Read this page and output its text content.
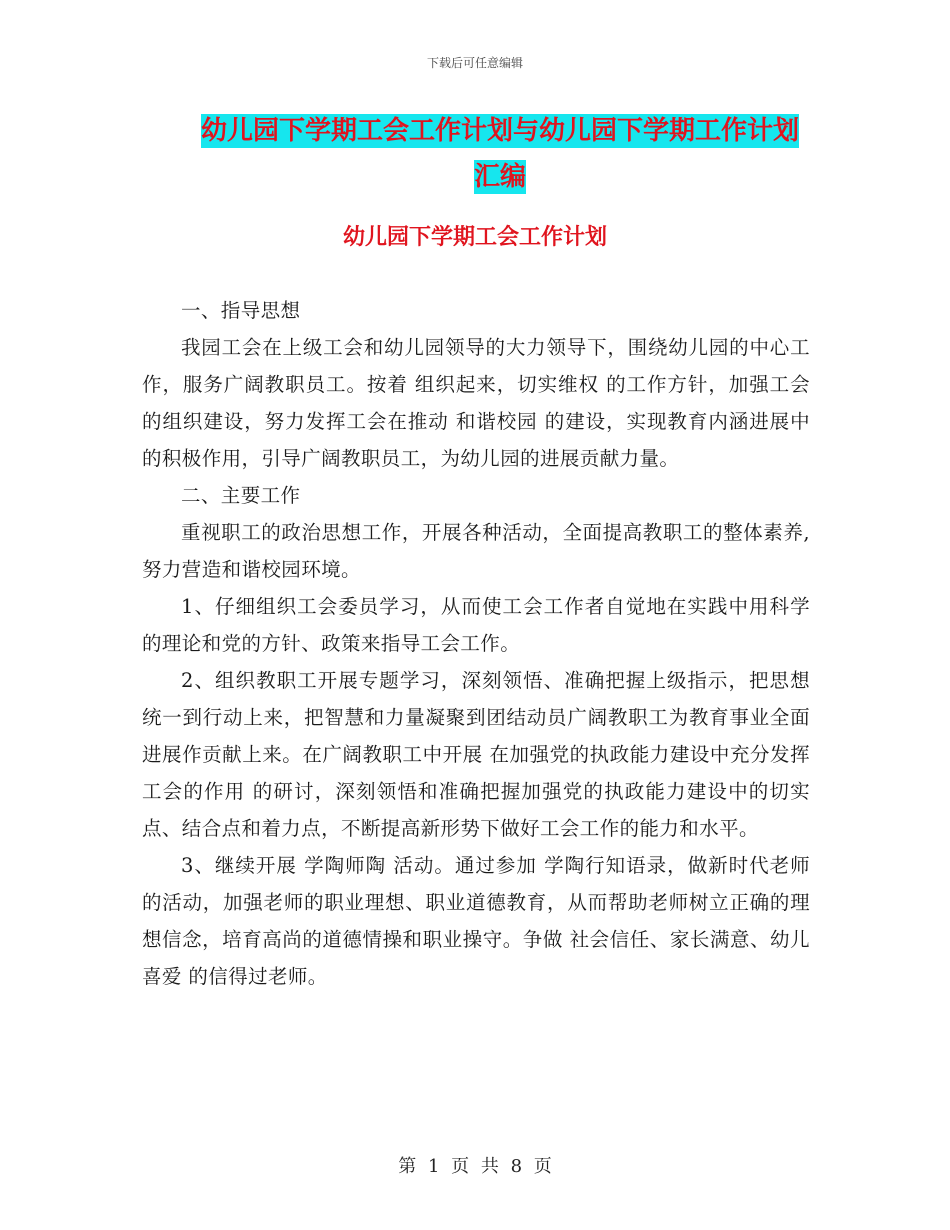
下载后可任意编辑
幼儿园下学期工会工作计划与幼儿园下学期工作计划
汇编
幼儿园下学期工会工作计划

一、指导思想

我园工会在上级工会和幼儿园领导的大力领导下，围绕幼儿园的中心工作，服务广阔教职员工。按着 组织起来，切实维权 的工作方针，加强工会的组织建设，努力发挥工会在推动 和谐校园 的建设，实现教育内涵进展中的积极作用，引导广阔教职员工，为幼儿园的进展贡献力量。

二、主要工作

重视职工的政治思想工作，开展各种活动，全面提高教职工的整体素养,努力营造和谐校园环境。

1、仔细组织工会委员学习，从而使工会工作者自觉地在实践中用科学的理论和党的方针、政策来指导工会工作。

2、组织教职工开展专题学习，深刻领悟、准确把握上级指示，把思想统一到行动上来，把智慧和力量凝聚到团结动员广阔教职工为教育事业全面进展作贡献上来。在广阔教职工中开展 在加强党的执政能力建设中充分发挥工会的作用 的研讨，深刻领悟和准确把握加强党的执政能力建设中的切实点、结合点和着力点，不断提高新形势下做好工会工作的能力和水平。

3、继续开展 学陶师陶 活动。通过参加 学陶行知语录，做新时代老师 的活动，加强老师的职业理想、职业道德教育，从而帮助老师树立正确的理想信念，培育高尚的道德情操和职业操守。争做 社会信任、家长满意、幼儿喜爱 的信得过老师。

第 1 页 共 8 页
